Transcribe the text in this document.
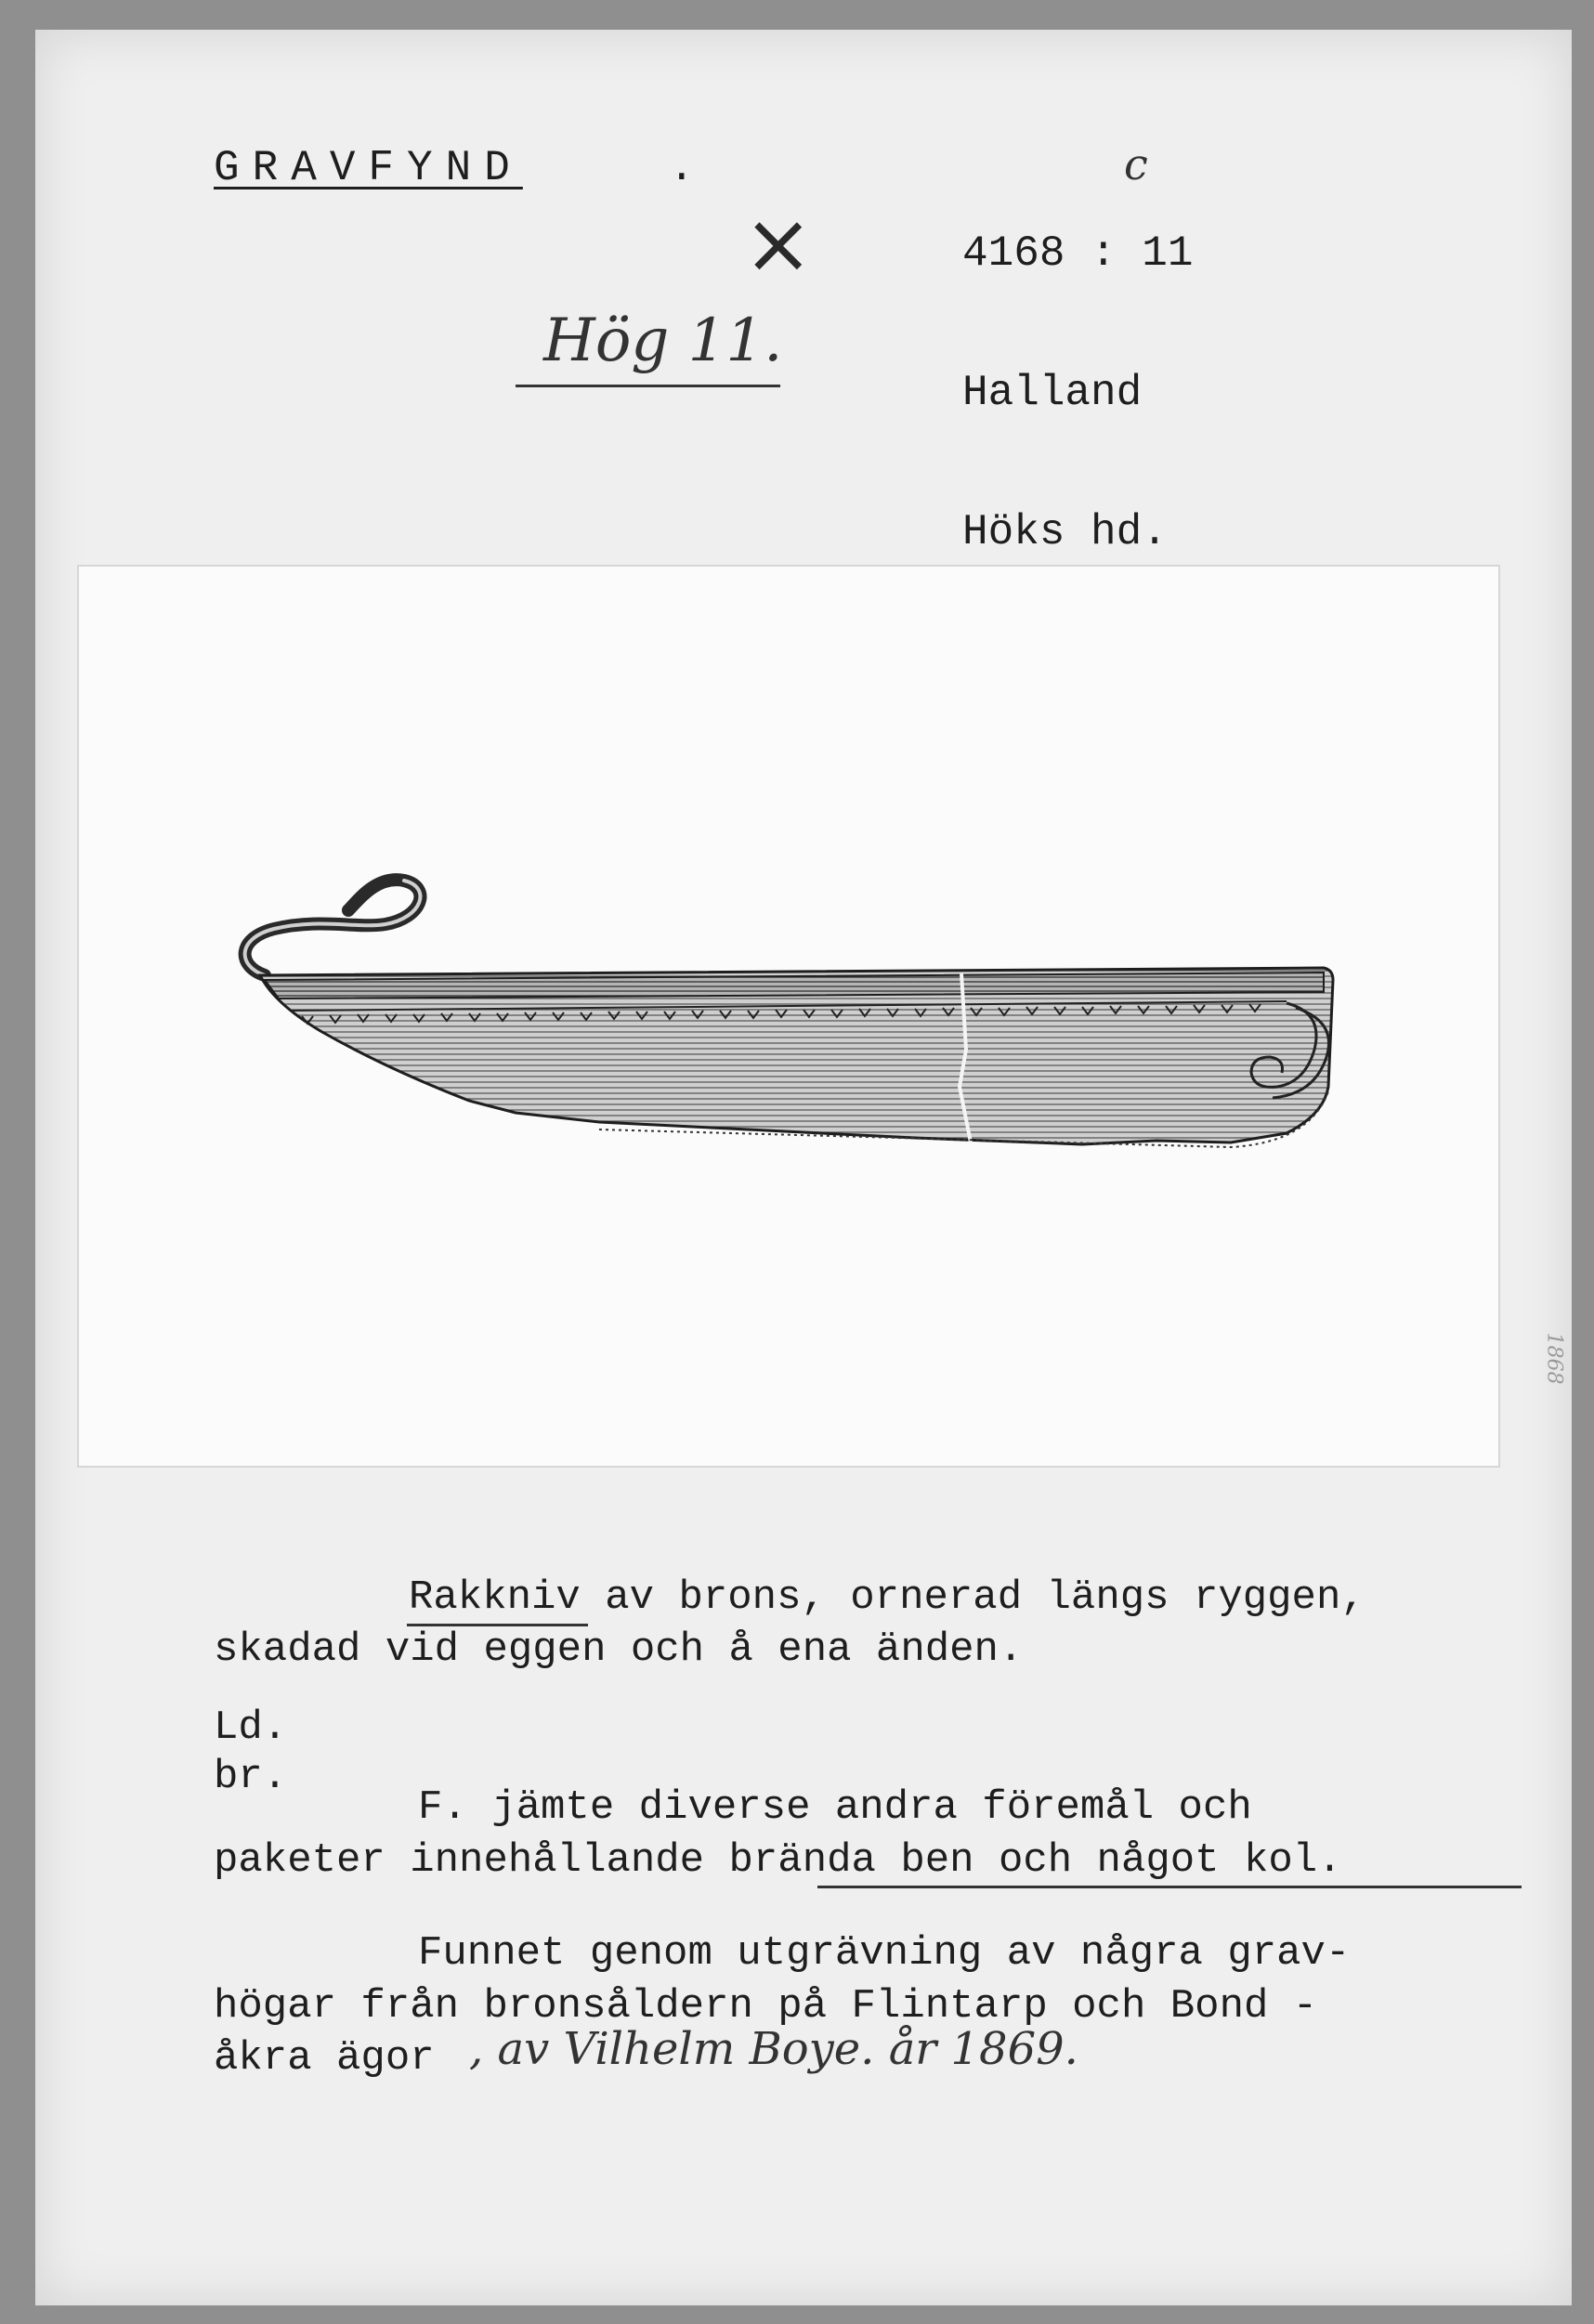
GRAVFYND	.

4168 : 11

Halland

Höks hd.

c
×
Hög 11.
1868
Rakkniv av brons, ornerad längs ryggen,
skadad vid eggen och å ena änden.
Ld.
br.
F. jämte diverse andra föremål och
paketer innehållande brända ben och något kol.
Funnet genom utgrävning av några grav-
högar från bronsåldern på Flintarp och Bond -
åkra ägor , av Vilhelm Boye. år 1869.
